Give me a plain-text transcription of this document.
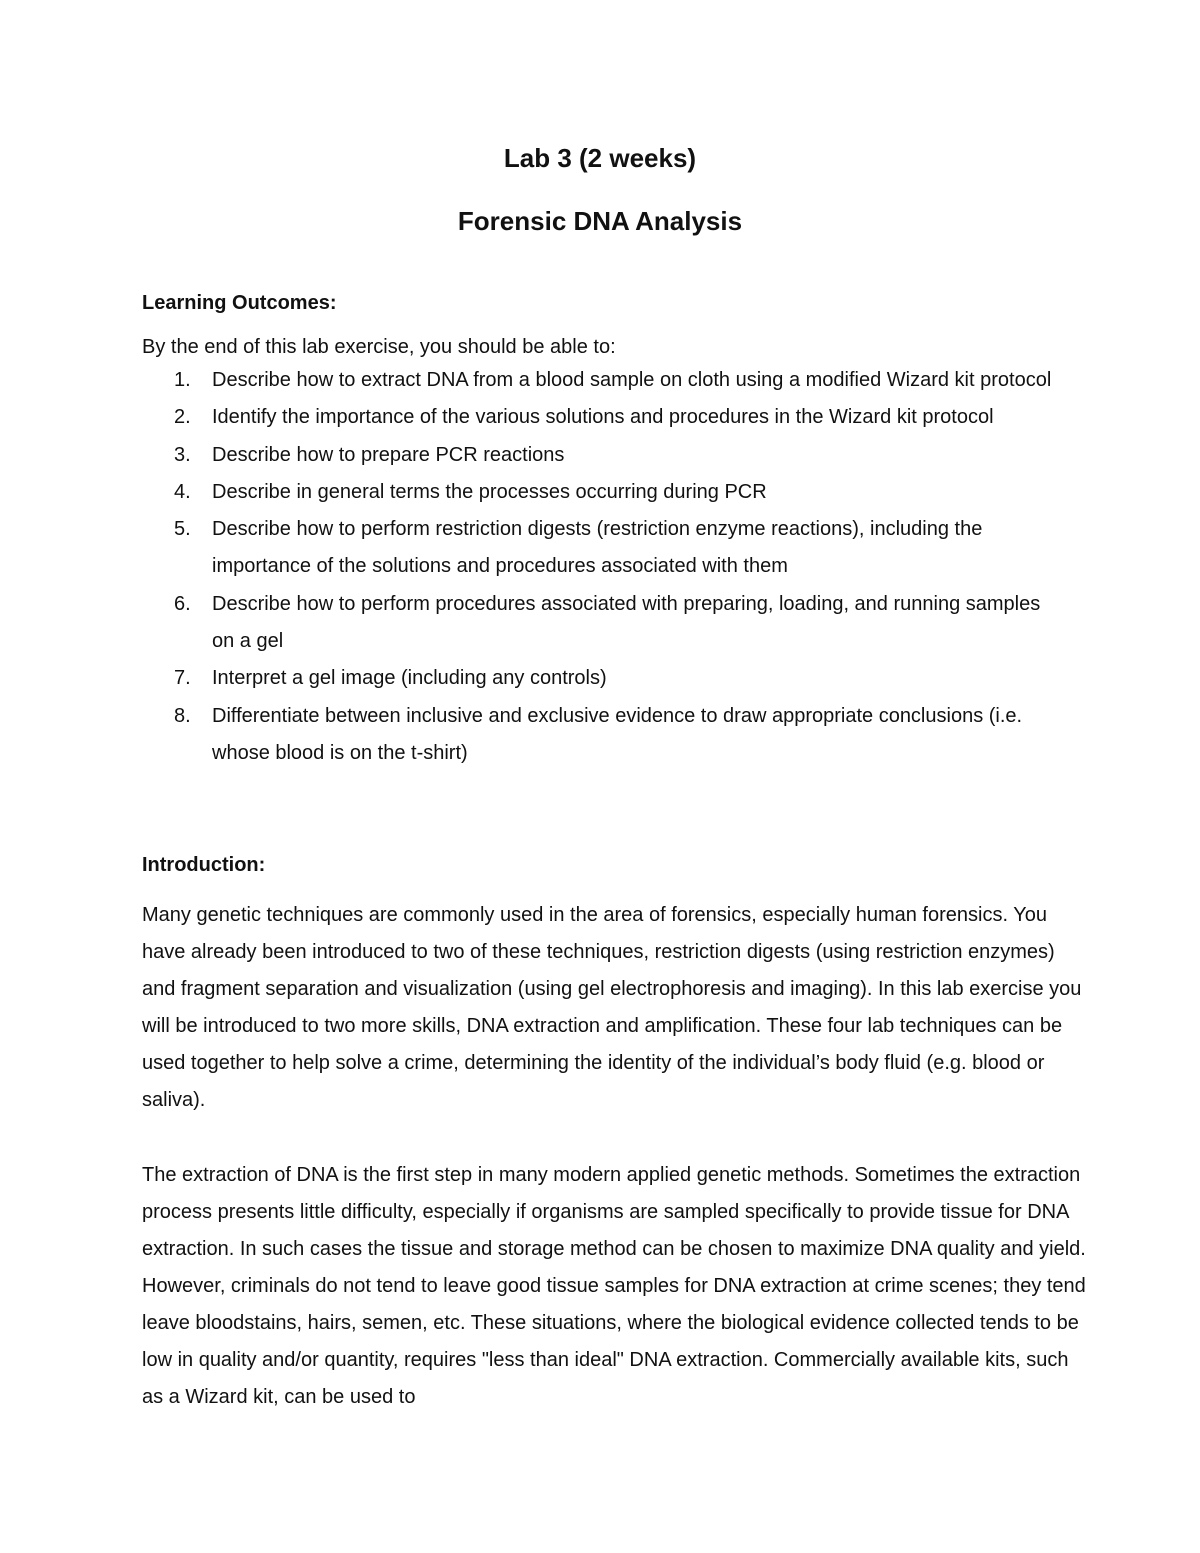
Lab 3 (2 weeks)
Forensic DNA Analysis
Learning Outcomes:
By the end of this lab exercise, you should be able to:
1. Describe how to extract DNA from a blood sample on cloth using a modified Wizard kit protocol
2. Identify the importance of the various solutions and procedures in the Wizard kit protocol
3. Describe how to prepare PCR reactions
4. Describe in general terms the processes occurring during PCR
5. Describe how to perform restriction digests (restriction enzyme reactions), including the importance of the solutions and procedures associated with them
6. Describe how to perform procedures associated with preparing, loading, and running samples on a gel
7. Interpret a gel image (including any controls)
8. Differentiate between inclusive and exclusive evidence to draw appropriate conclusions (i.e. whose blood is on the t-shirt)
Introduction:
Many genetic techniques are commonly used in the area of forensics, especially human forensics. You have already been introduced to two of these techniques, restriction digests (using restriction enzymes) and fragment separation and visualization (using gel electrophoresis and imaging). In this lab exercise you will be introduced to two more skills, DNA extraction and amplification. These four lab techniques can be used together to help solve a crime, determining the identity of the individual’s body fluid (e.g. blood or saliva).
The extraction of DNA is the first step in many modern applied genetic methods. Sometimes the extraction process presents little difficulty, especially if organisms are sampled specifically to provide tissue for DNA extraction. In such cases the tissue and storage method can be chosen to maximize DNA quality and yield. However, criminals do not tend to leave good tissue samples for DNA extraction at crime scenes; they tend leave bloodstains, hairs, semen, etc. These situations, where the biological evidence collected tends to be low in quality and/or quantity, requires "less than ideal" DNA extraction. Commercially available kits, such as a Wizard kit, can be used to
